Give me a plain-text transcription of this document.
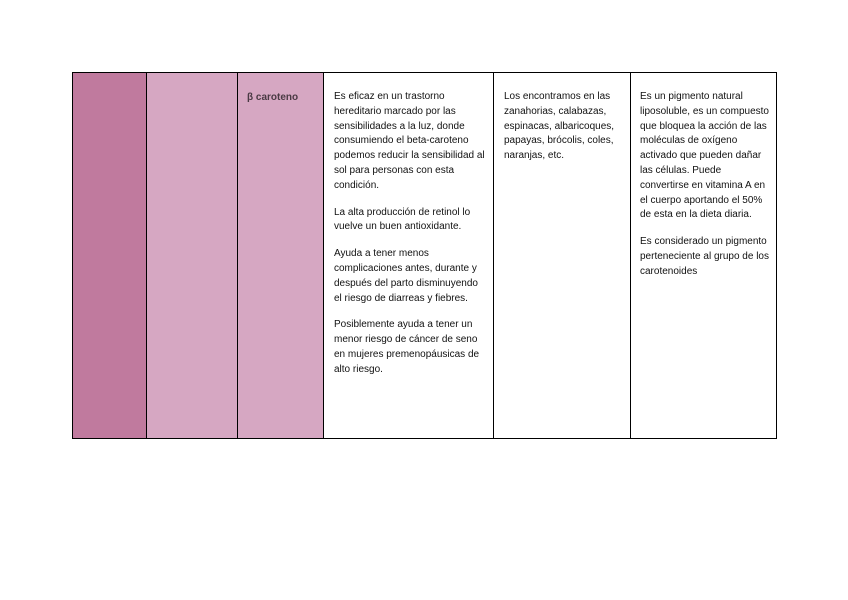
β caroteno	Es eficaz en un trastorno hereditario marcado por las sensibilidades a la luz, donde consumiendo el beta-caroteno podemos reducir la sensibilidad al sol para personas con esta condición.

La alta producción de retinol lo vuelve un buen antioxidante.

Ayuda a tener menos complicaciones antes, durante y después del parto disminuyendo el riesgo de diarreas y fiebres.

Posiblemente ayuda a tener un menor riesgo de cáncer de seno en mujeres premenopáusicas de alto riesgo.

Los encontramos en las zanahorias, calabazas, espinacas, albaricoques, papayas, brócolis, coles, naranjas, etc.

Es un pigmento natural liposoluble, es un compuesto que bloquea la acción de las moléculas de oxígeno activado que pueden dañar las células. Puede convertirse en vitamina A en el cuerpo aportando el 50% de esta en la dieta diaria.

Es considerado un pigmento perteneciente al grupo de los carotenoides
